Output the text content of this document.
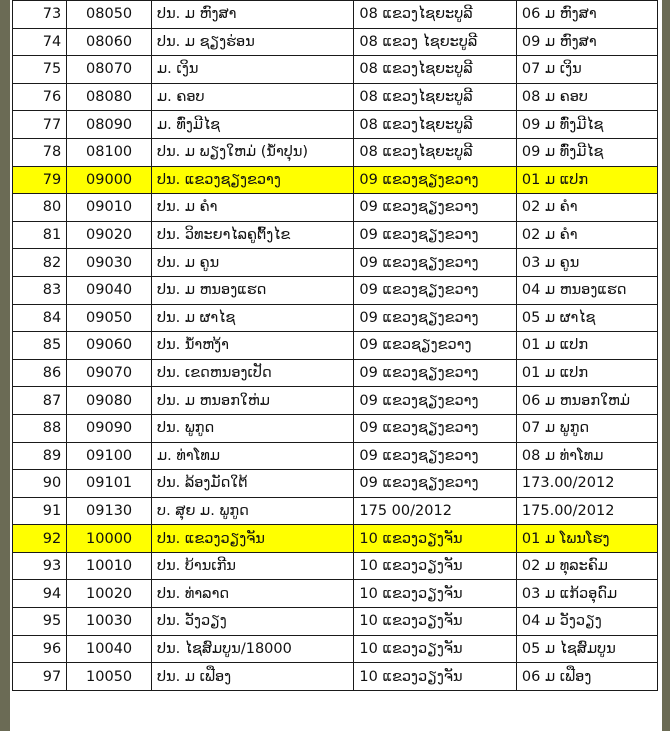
73	08050	ປນ. ມ ຫົງສາ	08 ແຂວງໄຊຍະບູລີ	06 ມ ຫົງສາ
74	08060	ປນ. ມ ຊຽງຮ່ອນ	08 ແຂວງ ໄຊຍະບູລີ	09 ມ ຫົງສາ
75	08070	ມ. ເງິນ	08 ແຂວງໄຊຍະບູລີ	07 ມ ເງິນ
76	08080	ມ. ຄອບ	08 ແຂວງໄຊຍະບູລີ	08 ມ ຄອບ
77	08090	ມ. ທົ່ງມີໄຊ	08 ແຂວງໄຊຍະບູລີ	09 ມ ທົ່ງມີໄຊ
78	08100	ປນ. ມ ພຽງໃຫມ່ (ນ້ຳປຸນ)	08 ແຂວງໄຊຍະບູລີ	09 ມ ທົ່ງມີໄຊ
79	09000	ປນ. ແຂວງຊຽງຂວາງ	09 ແຂວງຊຽງຂວາງ	01 ມ ແປກ
80	09010	ປນ. ມ ຄຳ	09 ແຂວງຊຽງຂວາງ	02 ມ ຄຳ
81	09020	ປນ. ວິທະຍາໄລຄູຕົ້ງໄຂ	09 ແຂວງຊຽງຂວາງ	02 ມ ຄຳ
82	09030	ປນ. ມ ຄູນ	09 ແຂວງຊຽງຂວາງ	03 ມ ຄູນ
83	09040	ປນ. ມ ຫນອງແຮດ	09 ແຂວງຊຽງຂວາງ	04 ມ ຫນອງແຮດ
84	09050	ປນ. ມ ຜາໄຊ	09 ແຂວງຊຽງຂວາງ	05 ມ ຜາໄຊ
85	09060	ປນ. ນ້ຳຫງ້າ	09 ແຂວຊຽງຂວາງ	01 ມ ແປກ
86	09070	ປນ. ເຂດຫນອງເປັດ	09 ແຂວງຊຽງຂວາງ	01 ມ ແປກ
87	09080	ປນ. ມ ຫນອກໃຫ່ມ	09 ແຂວງຊຽງຂວາງ	06 ມ ຫນອກໃຫມ່
88	09090	ປນ. ພູກູດ	09 ແຂວງຊຽງຂວາງ	07 ມ ພູກູດ
89	09100	ມ. ທ່າໂທມ	09 ແຂວງຊຽງຂວາງ	08 ມ ທ່າໂທມ
90	09101	ປນ. ລ້ອງມັດໃຕ້	09 ແຂວງຊຽງຂວາງ	173.00/2012
91	09130	ບ. ສຸຍ ມ. ພູກູດ	175 00/2012	175.00/2012
92	10000	ປນ. ແຂວງວຽງຈັນ	10 ແຂວງວຽງຈັນ	01 ມ ໂພນໂຮງ
93	10010	ປນ. ບ້ານເກີນ	10 ແຂວງວຽງຈັນ	02 ມ ທຸລະຄົມ
94	10020	ປນ. ທ່າລາດ	10 ແຂວງວຽງຈັນ	03 ມ ແກ້ວອຸດົມ
95	10030	ປນ. ວັງວຽງ	10 ແຂວງວຽງຈັນ	04 ມ ວັງວຽງ
96	10040	ປນ. ໄຊສົມບູນ/18000	10 ແຂວງວຽງຈັນ	05 ມ ໄຊສົມບູນ
97	10050	ປນ. ມ ເຟືອງ	10 ແຂວງວຽງຈັນ	06 ມ ເຟືອງ
